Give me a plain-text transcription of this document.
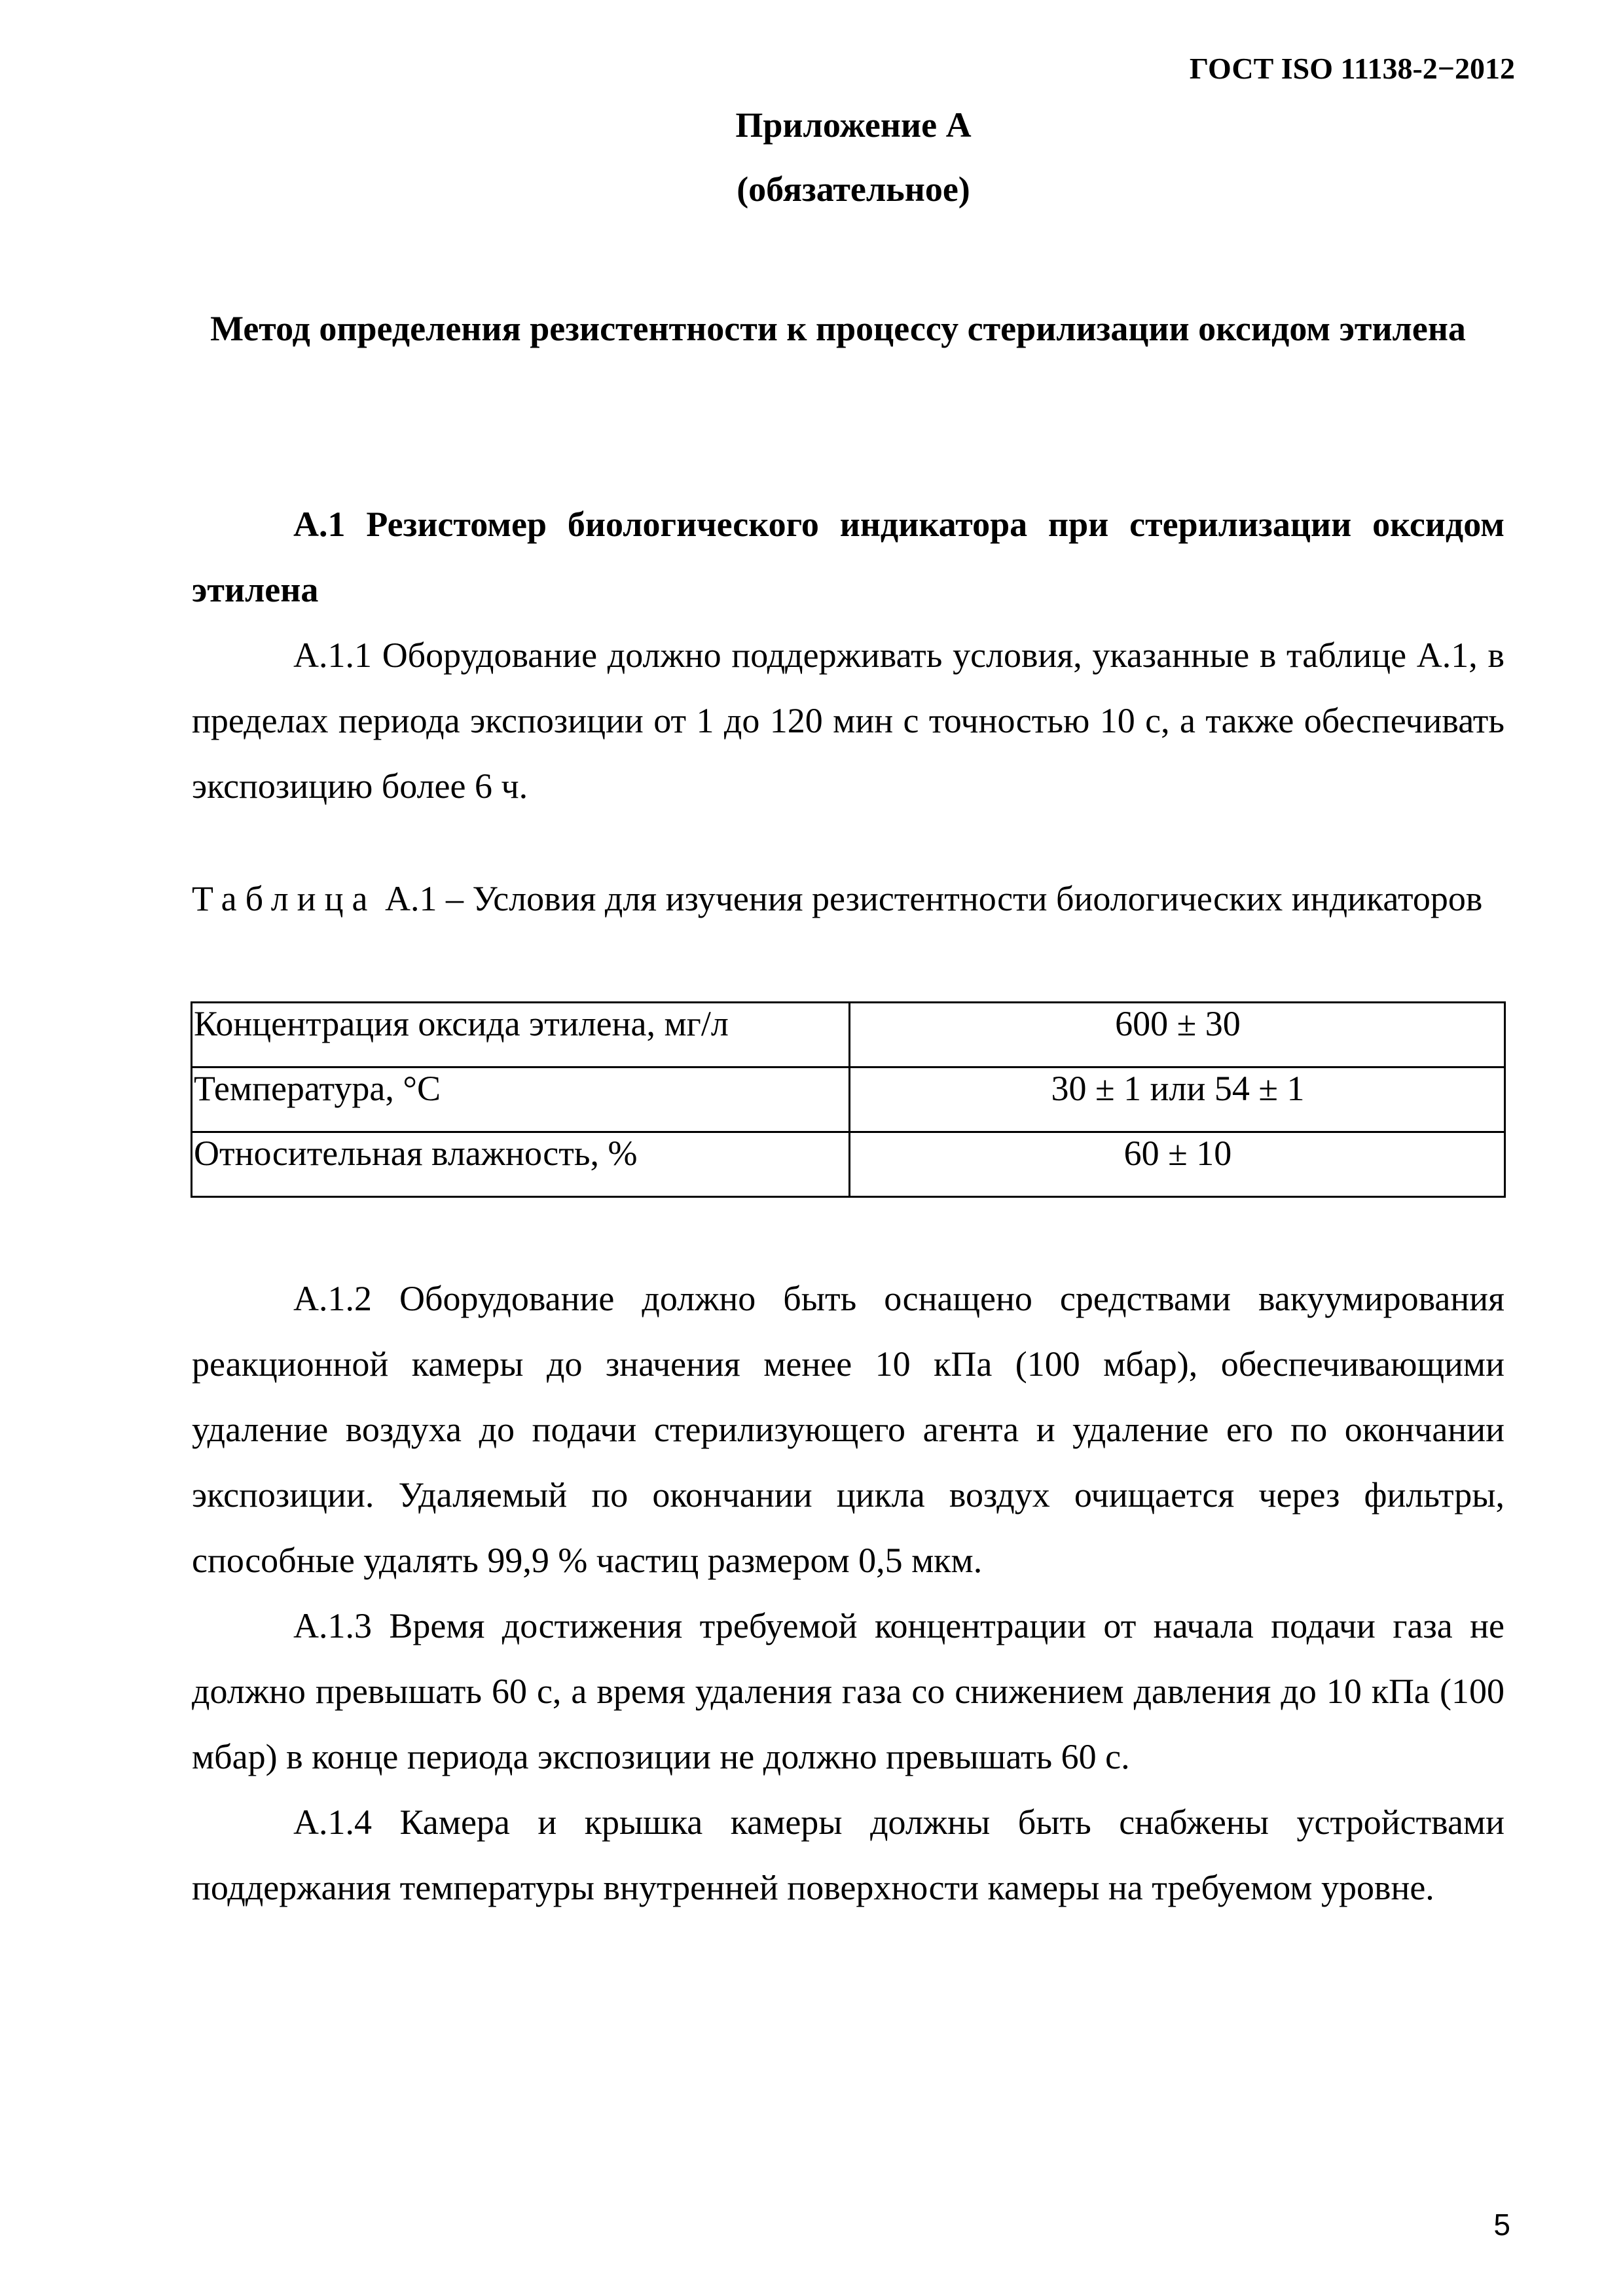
ГОСТ ISO 11138-2−2012
Приложение А
(обязательное)
Метод определения резистентности к процессу стерилизации оксидом этилена
А.1 Резистомер биологического индикатора при стерилизации оксидом этилена

А.1.1 Оборудование должно поддерживать условия, указанные в таблице А.1, в пределах периода экспозиции от 1 до 120 мин с точностью 10 с, а также обеспечивать экспозицию более 6 ч.

Таблица А.1 – Условия для изучения резистентности биологических индикаторов
Концентрация оксида этилена, мг/л	600 ± 30
Температура, °С	30 ± 1 или 54 ± 1
Относительная влажность, %	60 ± 10

А.1.2 Оборудование должно быть оснащено средствами вакуумирования реакционной камеры до значения менее 10 кПа (100 мбар), обеспечивающими удаление воздуха до подачи стерилизующего агента и удаление его по окончании экспозиции. Удаляемый по окончании цикла воздух очищается через фильтры, способные удалять 99,9 % частиц размером 0,5 мкм.

А.1.3 Время достижения требуемой концентрации от начала подачи газа не должно превышать 60 с, а время удаления газа со снижением давления до 10 кПа (100 мбар) в конце периода экспозиции не должно превышать 60 с.

А.1.4 Камера и крышка камеры должны быть снабжены устройствами поддержания температуры внутренней поверхности камеры на требуемом уровне.

5
